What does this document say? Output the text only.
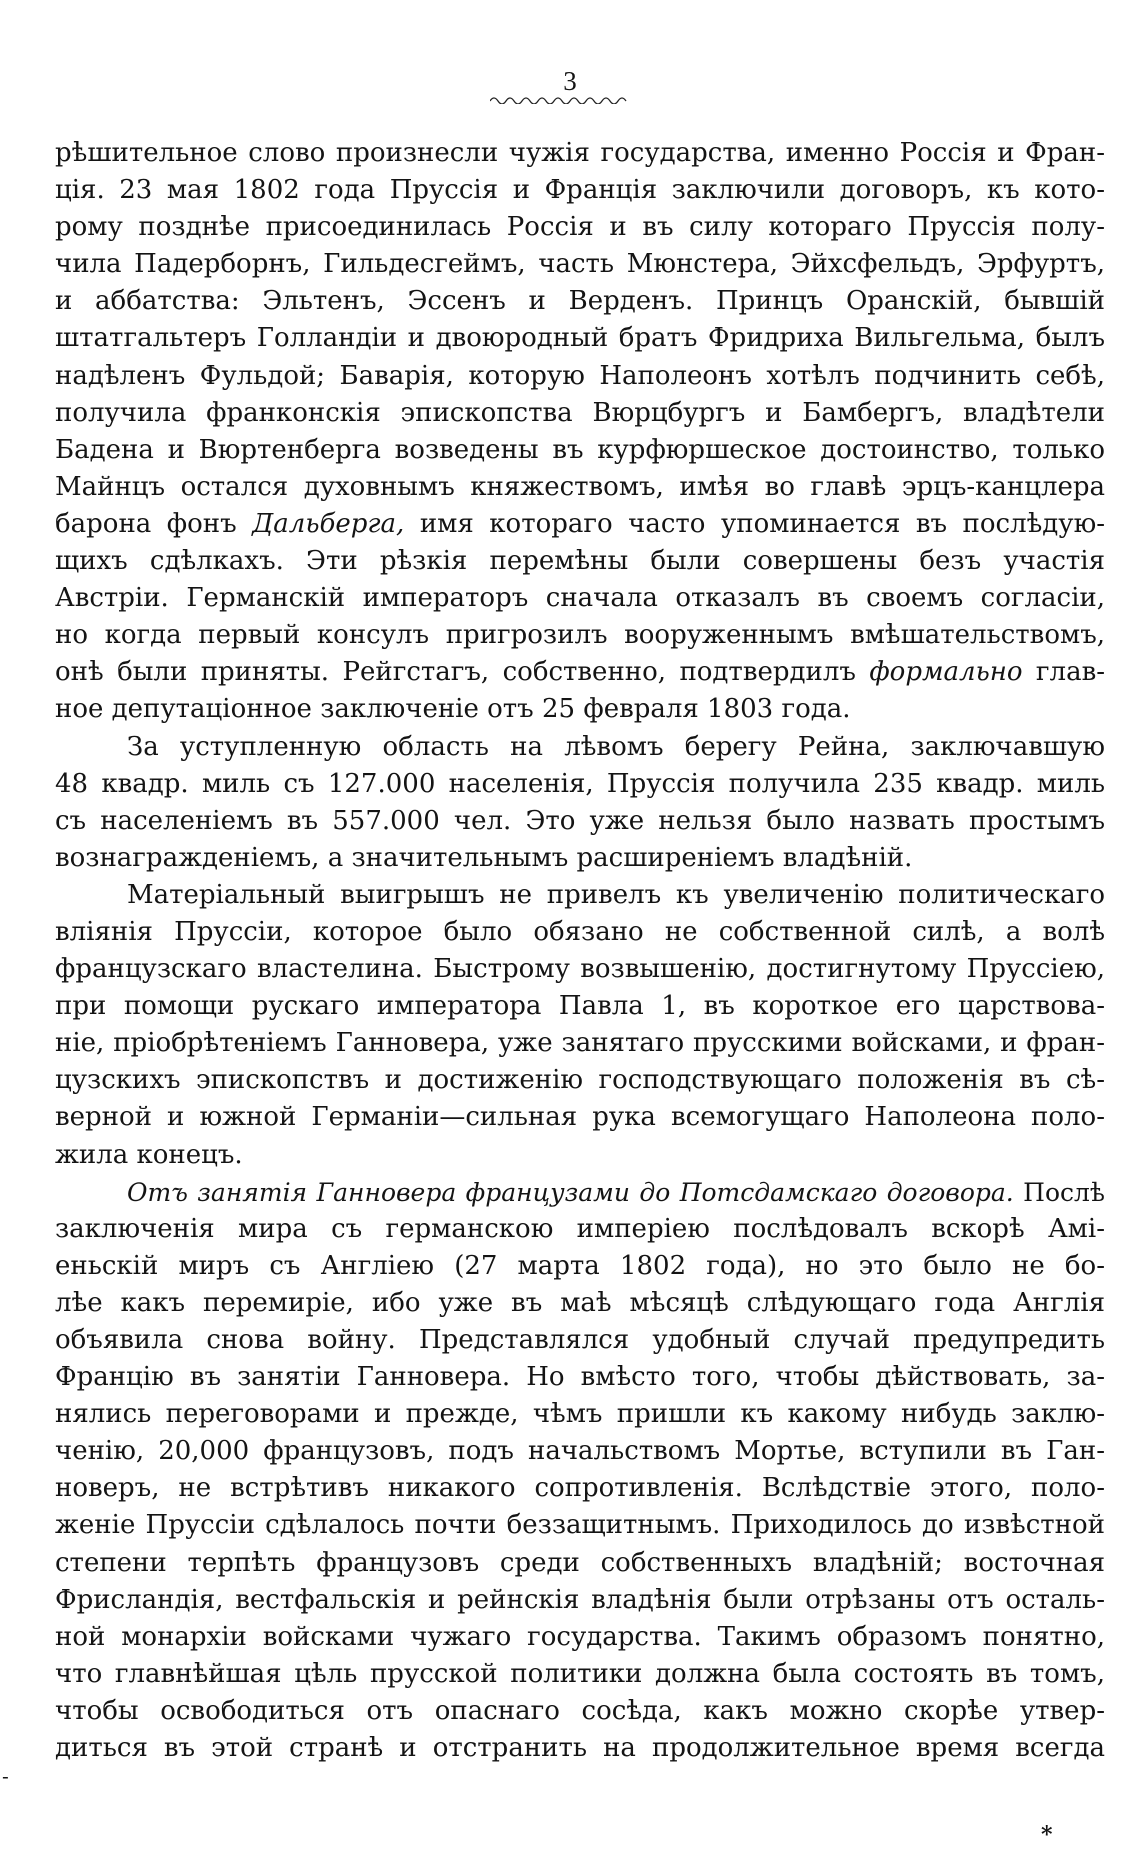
3
рѣшительное слово произнесли чужія государства, именно Россія и Фран-
ція. 23 мая 1802 года Пруссія и Франція заключили договоръ, къ кото-
рому позднѣе присоединилась Россія и въ силу котораго Пруссія полу-
чила Падерборнъ, Гильдесгеймъ, часть Мюнстера, Эйхсфельдъ, Эрфуртъ,
и аббатства: Эльтенъ, Эссенъ и Верденъ. Принцъ Оранскій, бывшій
штатгальтеръ Голландіи и двоюродный братъ Фридриха Вильгельма, былъ
надѣленъ Фульдой; Баварія, которую Наполеонъ хотѣлъ подчинить себѣ,
получила франконскія эпископства Вюрцбургъ и Бамбергъ, владѣтели
Бадена и Вюртенберга возведены въ курфюршеское достоинство, только
Майнцъ остался духовнымъ княжествомъ, имѣя во главѣ эрцъ-канцлера
барона фонъ Дальберга, имя котораго часто упоминается въ послѣдую-
щихъ сдѣлкахъ. Эти рѣзкія перемѣны были совершены безъ участія
Австріи. Германскій императоръ сначала отказалъ въ своемъ согласіи,
но когда первый консулъ пригрозилъ вооруженнымъ вмѣшательствомъ,
онѣ были приняты. Рейгстагъ, собственно, подтвердилъ формально глав-
ное депутаціонное заключеніе отъ 25 февраля 1803 года.
За уступленную область на лѣвомъ берегу Рейна, заключавшую
48 квадр. миль съ 127.000 населенія, Пруссія получила 235 квадр. миль
съ населеніемъ въ 557.000 чел. Это уже нельзя было назвать простымъ
вознагражденіемъ, а значительнымъ расширеніемъ владѣній.
Матеріальный выигрышъ не привелъ къ увеличенію политическаго
вліянія Пруссіи, которое было обязано не собственной силѣ, а волѣ
французскаго властелина. Быстрому возвышенію, достигнутому Пруссіею,
при помощи рускаго императора Павла 1, въ короткое его царствова-
ніе, пріобрѣтеніемъ Ганновера, уже занятаго прусскими войсками, и фран-
цузскихъ эпископствъ и достиженію господствующаго положенія въ сѣ-
верной и южной Германіи—сильная рука всемогущаго Наполеона поло-
жила конецъ.
Отъ занятія Ганновера французами до Потсдамскаго договора. Послѣ
заключенія мира съ германскою имперіею послѣдовалъ вскорѣ Амі-
еньскій миръ съ Англіею (27 марта 1802 года), но это было не бо-
лѣе какъ перемиріе, ибо уже въ маѣ мѣсяцѣ слѣдующаго года Англія
объявила снова войну. Представлялся удобный случай предупредить
Францію въ занятіи Ганновера. Но вмѣсто того, чтобы дѣйствовать, за-
нялись переговорами и прежде, чѣмъ пришли къ какому нибудь заклю-
ченію, 20,000 французовъ, подъ начальствомъ Мортье, вступили въ Ган-
новеръ, не встрѣтивъ никакого сопротивленія. Вслѣдствіе этого, поло-
женіе Пруссіи сдѣлалось почти беззащитнымъ. Приходилось до извѣстной
степени терпѣть французовъ среди собственныхъ владѣній; восточная
Фрисландія, вестфальскія и рейнскія владѣнія были отрѣзаны отъ осталь-
ной монархіи войсками чужаго государства. Такимъ образомъ понятно,
что главнѣйшая цѣль прусской политики должна была состоять въ томъ,
чтобы освободиться отъ опаснаго сосѣда, какъ можно скорѣе утвер-
диться въ этой странѣ и отстранить на продолжительное время всегда
-
*
